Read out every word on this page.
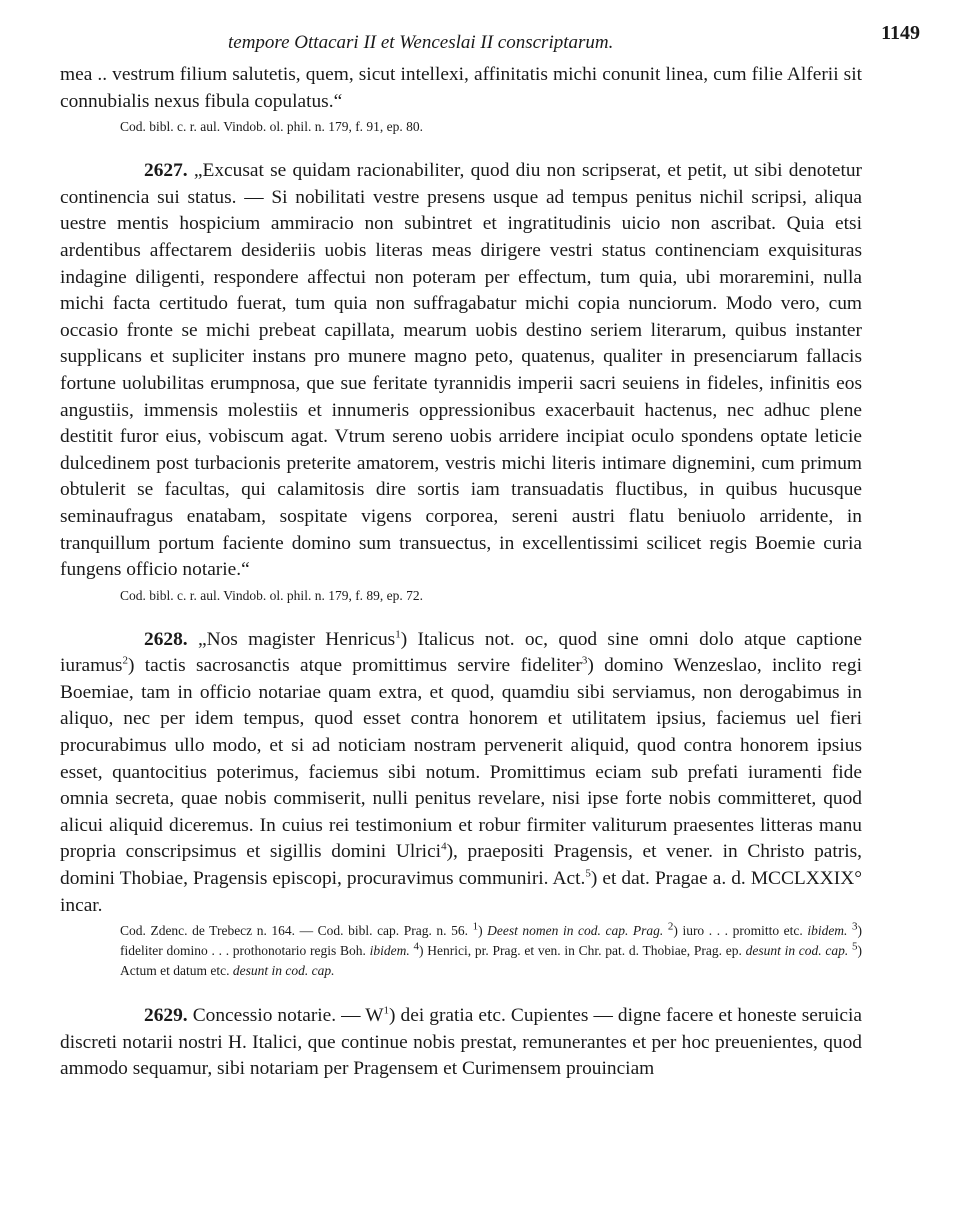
tempore Ottacari II et Wenceslai II conscriptarum.	1149

mea .. vestrum filium salutetis, quem, sicut intellexi, affinitatis michi conunit linea, cum filie Alferii sit connubialis nexus fibula copulatus.“

Cod. bibl. c. r. aul. Vindob. ol. phil. n. 179, f. 91, ep. 80.

2627. „Excusat se quidam racionabiliter, quod diu non scripserat, et petit, ut sibi denotetur continencia sui status. — Si nobilitati vestre presens usque ad tempus penitus nichil scripsi, aliqua uestre mentis hospicium ammiracio non subintret et ingratitudinis uicio non ascribat. Quia etsi ardentibus affectarem desideriis uobis literas meas dirigere vestri status continenciam exquisituras indagine diligenti, respondere affectui non poteram per effectum, tum quia, ubi moraremini, nulla michi facta certitudo fuerat, tum quia non suffragabatur michi copia nunciorum. Modo vero, cum occasio fronte se michi prebeat capillata, mearum uobis destino seriem literarum, quibus instanter supplicans et supliciter instans pro munere magno peto, quatenus, qualiter in presenciarum fallacis fortune uolubilitas erumpnosa, que sue feritate tyrannidis imperii sacri seuiens in fideles, infinitis eos angustiis, immensis molestiis et innumeris oppressionibus exacerbauit hactenus, nec adhuc plene destitit furor eius, vobiscum agat. Vtrum sereno uobis arridere incipiat oculo spondens optate leticie dulcedinem post turbacionis preterite amatorem, vestris michi literis intimare dignemini, cum primum obtulerit se facultas, qui calamitosis dire sortis iam transuadatis fluctibus, in quibus hucusque seminaufragus enatabam, sospitate vigens corporea, sereni austri flatu beniuolo arridente, in tranquillum portum faciente domino sum transuectus, in excellentissimi scilicet regis Boemie curia fungens officio notarie.“

Cod. bibl. c. r. aul. Vindob. ol. phil. n. 179, f. 89, ep. 72.

2628. „Nos magister Henricus$^1$) Italicus not. oc, quod sine omni dolo atque captione iuramus$^2$) tactis sacrosanctis atque promittimus servire fideliter$^3$) domino Wenzeslao, inclito regi Boemiae, tam in officio notariae quam extra, et quod, quamdiu sibi serviamus, non derogabimus in aliquo, nec per idem tempus, quod esset contra honorem et utilitatem ipsius, faciemus uel fieri procurabimus ullo modo, et si ad noticiam nostram pervenerit aliquid, quod contra honorem ipsius esset, quantocitius poterimus, faciemus sibi notum. Promittimus eciam sub prefati iuramenti fide omnia secreta, quae nobis commiserit, nulli penitus revelare, nisi ipse forte nobis committeret, quod alicui aliquid diceremus. In cuius rei testimonium et robur firmiter valiturum praesentes litteras manu propria conscripsimus et sigillis domini Ulrici$^4$), praepositi Pragensis, et vener. in Christo patris, domini Thobiae, Pragensis episcopi, procuravimus communiri. Act.$^5$) et dat. Pragae a. d. MCCLXXIX° incar.

Cod. Zdenc. de Trebecz n. 164. — Cod. bibl. cap. Prag. n. 56. $^1$) Deest nomen in cod. cap. Prag. $^2$) iuro . . . promitto etc. ibidem. $^3$) fideliter domino . . . prothonotario regis Boh. ibidem. $^4$) Henrici, pr. Prag. et ven. in Chr. pat. d. Thobiae, Prag. ep. desunt in cod. cap. $^5$) Actum et datum etc. desunt in cod. cap.

2629. Concessio notarie. — $W^1$) dei gratia etc. Cupientes — digne facere et honeste seruicia discreti notarii nostri H. Italici, que continue nobis prestat, remunerantes et per hoc preuenientes, quod ammodo sequamur, sibi notariam per Pragensem et Curimensem prouinciam
